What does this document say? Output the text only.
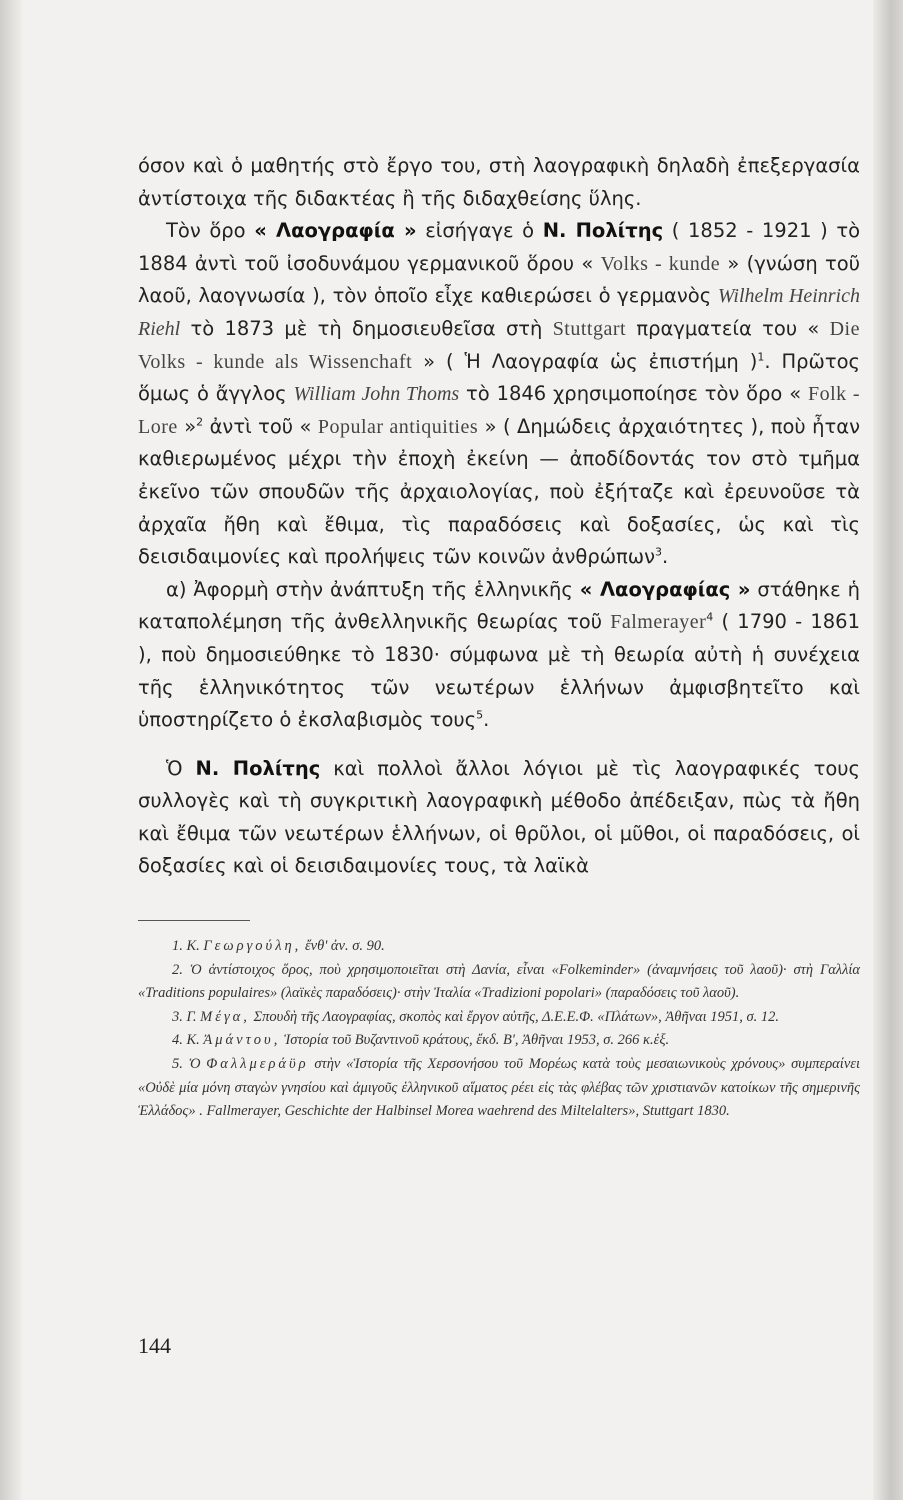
όσον καὶ ὁ μαθητής στὸ ἔργο του, στὴ λαογραφικὴ δηλαδὴ ἐπεξεργασία ἀντίστοιχα τῆς διδακτέας ἢ τῆς διδαχθείσης ὕλης.

Τὸν ὅρο « Λαογραφία » εἰσήγαγε ὁ Ν. Πολίτης ( 1852 - 1921 ) τὸ 1884 ἀντὶ τοῦ ἰσοδυνάμου γερμανικοῦ ὅρου « Volks - kunde » (γνώση τοῦ λαοῦ, λαογνωσία ), τὸν ὁποῖο εἶχε καθιερώσει ὁ γερμανὸς Wilhelm Heinrich Riehl τὸ 1873 μὲ τὴ δημοσιευθεῖσα στὴ Stuttgart πραγματεία του « Die Volks - kunde als Wissenchaft » ( Ἡ Λαογραφία ὡς ἐπιστήμη )$^1$. Πρῶτος ὅμως ὁ ἄγγλος William John Thoms τὸ 1846 χρησιμοποίησε τὸν ὅρο « Folk - Lore »$^2$ ἀντὶ τοῦ « Popular antiquities » ( Δημώδεις ἀρχαιότητες ), ποὺ ἦταν καθιερωμένος μέχρι τὴν ἐποχὴ ἐκείνη — ἀποδίδοντάς τον στὸ τμῆμα ἐκεῖνο τῶν σπουδῶν τῆς ἀρχαιολογίας, ποὺ ἐξήταζε καὶ ἐρευνοῦσε τὰ ἀρχαῖα ἤθη καὶ ἔθιμα, τὶς παραδόσεις καὶ δοξασίες, ὡς καὶ τὶς δεισιδαιμονίες καὶ προλήψεις τῶν κοινῶν ἀνθρώπων$^3$.

α) Ἀφορμὴ στὴν ἀνάπτυξη τῆς ἑλληνικῆς « Λαογραφίας » στάθηκε ἡ καταπολέμηση τῆς ἀνθελληνικῆς θεωρίας τοῦ Falmerayer$^4$ ( 1790 - 1861 ), ποὺ δημοσιεύθηκε τὸ 1830· σύμφωνα μὲ τὴ θεωρία αὐτὴ ἡ συνέχεια τῆς ἑλληνικότητος τῶν νεωτέρων ἑλλήνων ἀμφισβητεῖτο καὶ ὑποστηρίζετο ὁ ἐκσλαβισμὸς τους$^5$.

Ὁ Ν. Πολίτης καὶ πολλοὶ ἄλλοι λόγιοι μὲ τὶς λαογραφικές τους συλλογὲς καὶ τὴ συγκριτικὴ λαογραφικὴ μέθοδο ἀπέδειξαν, πὼς τὰ ἤθη καὶ ἔθιμα τῶν νεωτέρων ἑλλήνων, οἱ θρῦλοι, οἱ μῦθοι, οἱ παραδόσεις, οἱ δοξασίες καὶ οἱ δεισιδαιμονίες τους, τὰ λαϊκὰ

1. Κ. Γεωργούλη, ἔνθ' ἀν. σ. 90.

2. Ὁ ἀντίστοιχος ὅρος, ποὺ χρησιμοποιεῖται στὴ Δανία, εἶναι «Folkeminder» (ἀναμνήσεις τοῦ λαοῦ)· στὴ Γαλλία «Traditions populaires» (λαϊκὲς παραδόσεις)· στὴν Ἰταλία «Tradizioni popolari» (παραδόσεις τοῦ λαοῦ).

3. Γ. Μέγα, Σπουδὴ τῆς Λαογραφίας, σκοπὸς καὶ ἔργον αὐτῆς, Δ.Ε.Ε.Φ. «Πλάτων», Ἀθῆναι 1951, σ. 12.

4. Κ. Ἀμάντου, Ἱστορία τοῦ Βυζαντινοῦ κράτους, ἔκδ. Β', Ἀθῆναι 1953, σ. 266 κ.ἑξ.

5. Ὁ Φαλλμεράϋρ στὴν «Ἱστορία τῆς Χερσονήσου τοῦ Μορέως κατὰ τοὺς μεσαιωνικοὺς χρόνους» συμπεραίνει «Οὐδὲ μία μόνη σταγὼν γνησίου καὶ ἀμιγοῦς ἑλληνικοῦ αἵματος ρέει εἰς τὰς φλέβας τῶν χριστιανῶν κατοίκων τῆς σημερινῆς Ἑλλάδος» . Fallmerayer, Geschichte der Halbinsel Morea waehrend des Miltelalters», Stuttgart 1830.

144
